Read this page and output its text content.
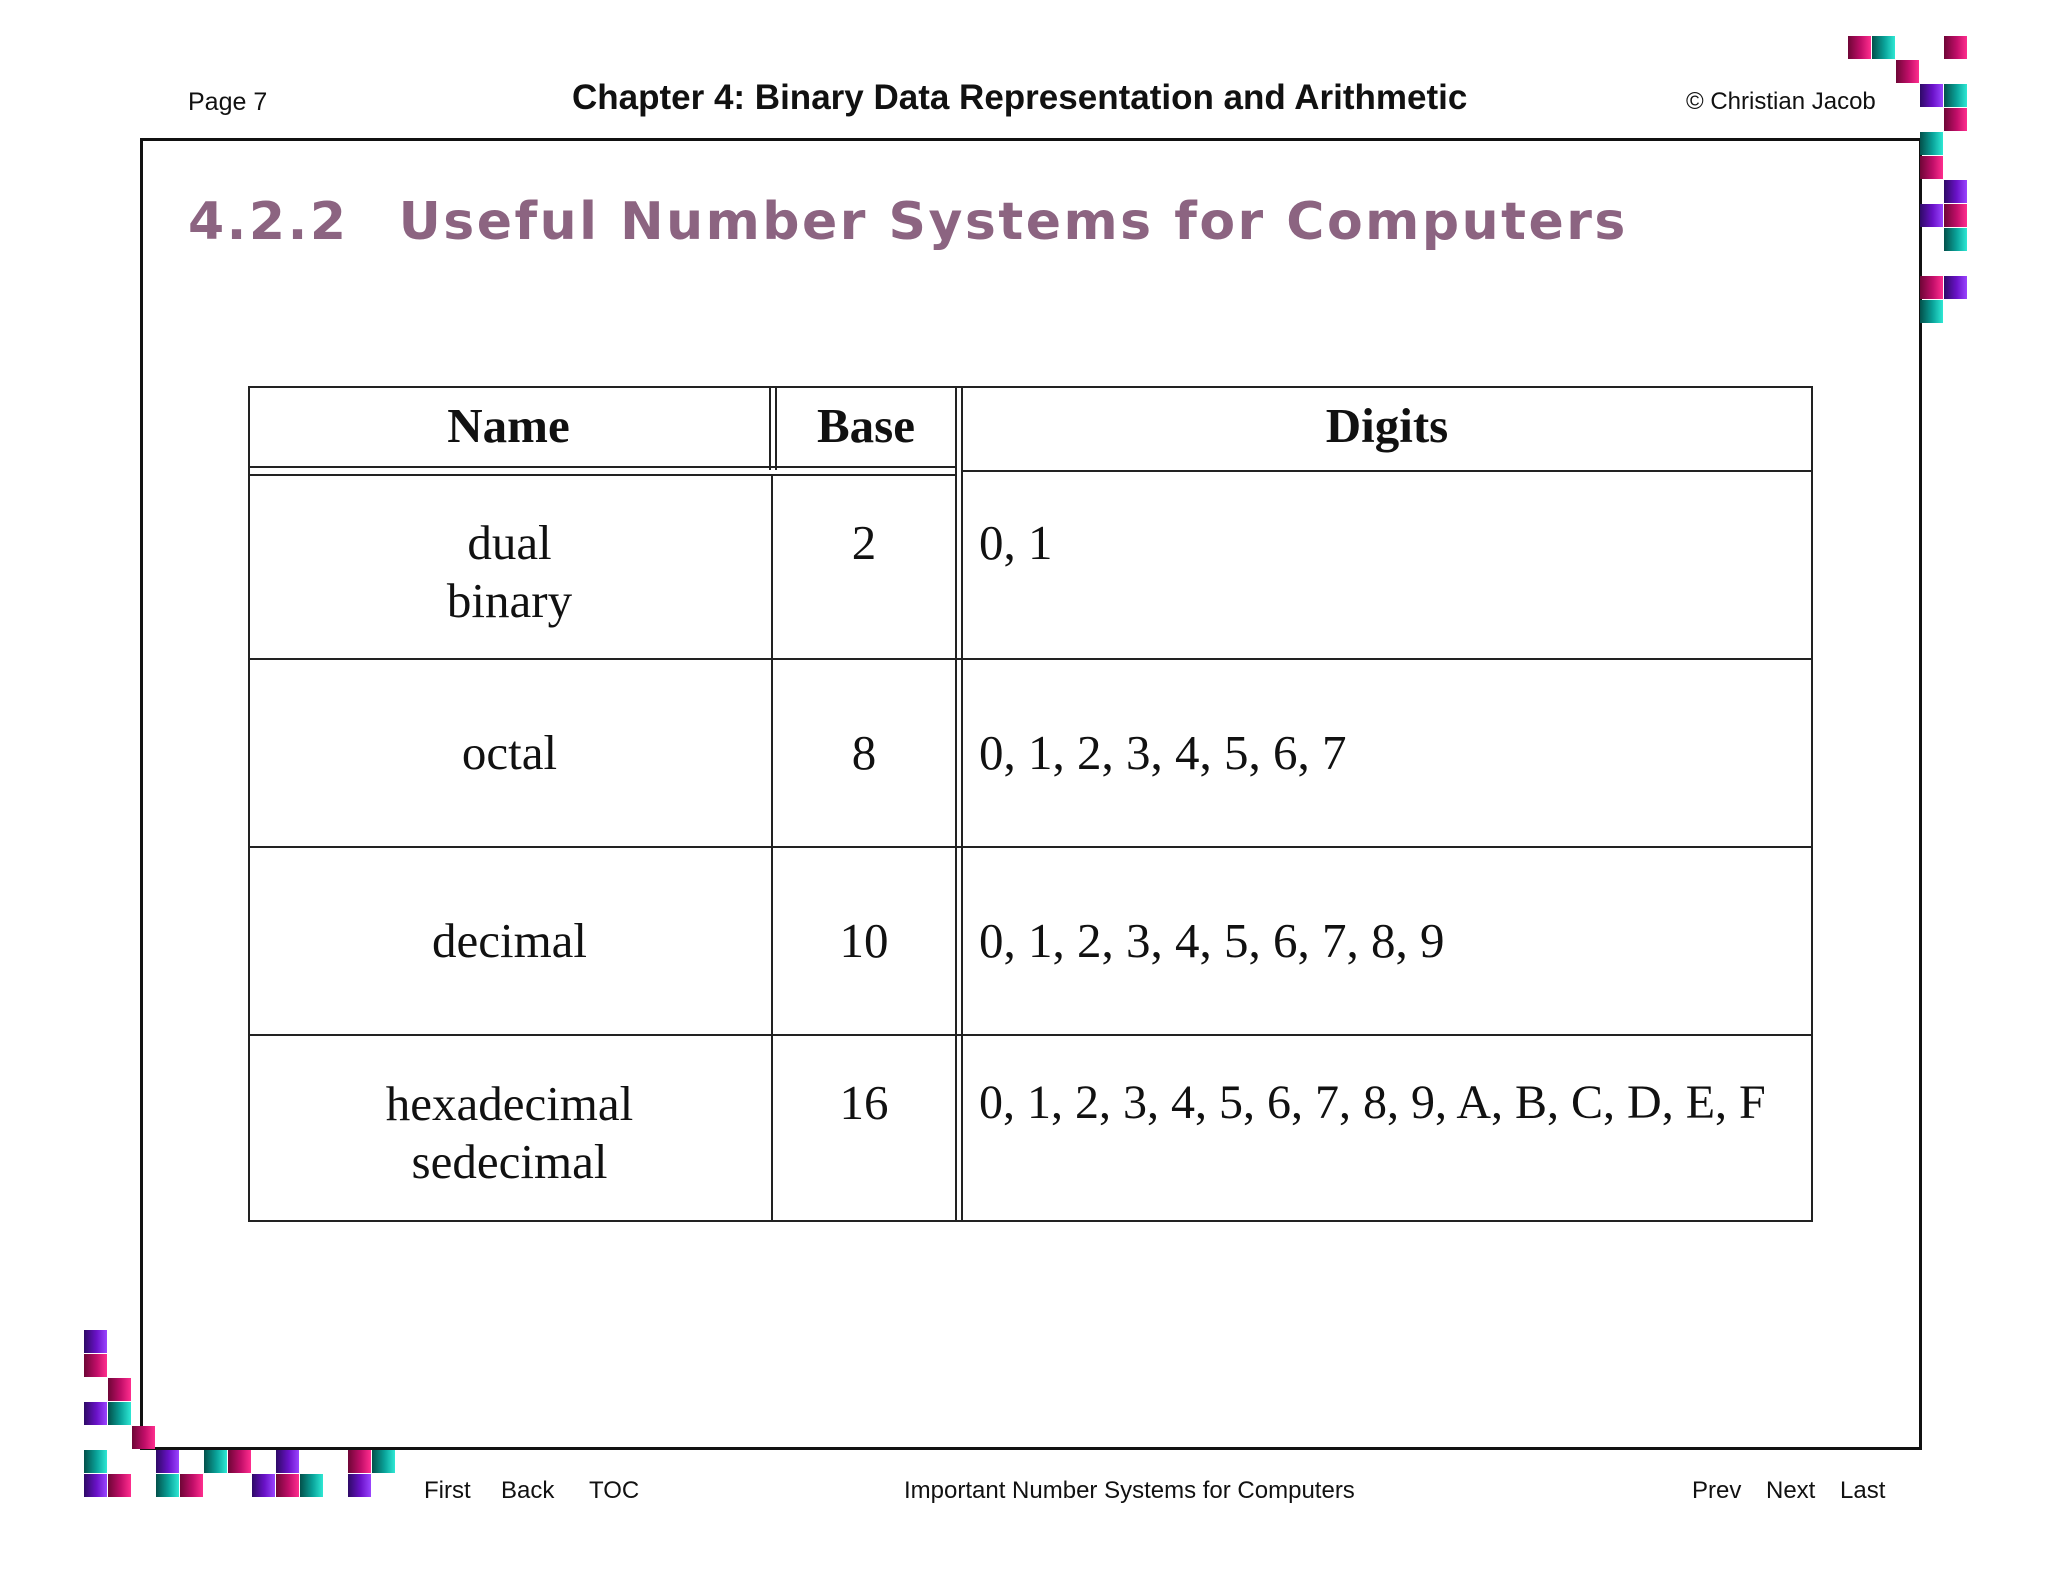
Page 7	Chapter 4: Binary Data Representation and Arithmetic	© Christian Jacob
4.2.2 Useful Number Systems for Computers
Name	Base	Digits
dual
binary
2	0, 1
octal	8	0, 1, 2, 3, 4, 5, 6, 7
decimal	10	0, 1, 2, 3, 4, 5, 6, 7, 8, 9
hexadecimal
sedecimal
16	0, 1, 2, 3, 4, 5, 6, 7, 8, 9, A, B, C, D, E, F
First Back TOC	Important Number Systems for Computers	Prev Next Last
